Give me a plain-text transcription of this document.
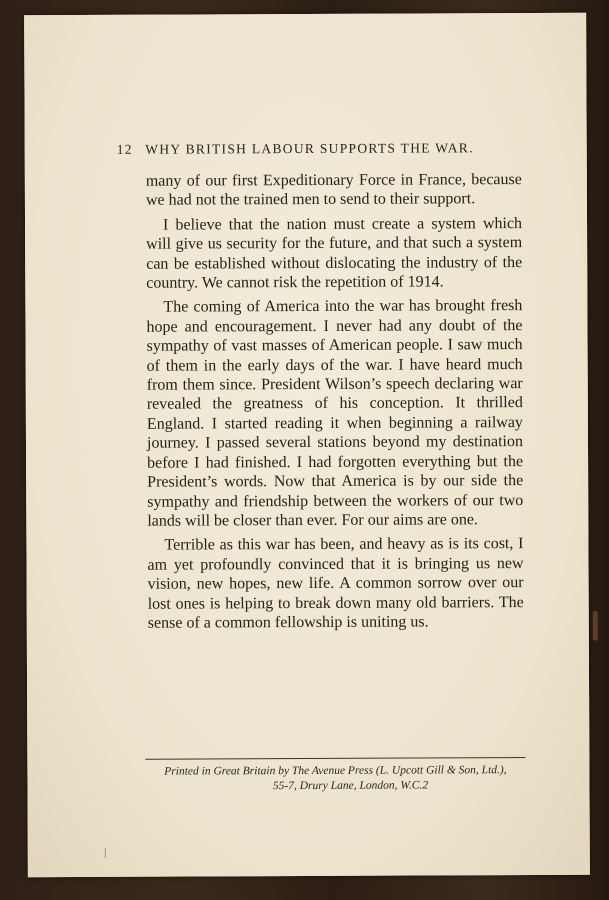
12 WHY BRITISH LABOUR SUPPORTS THE WAR.

many of our first Expeditionary Force in France, because we had not the trained men to send to their support.

I believe that the nation must create a system which will give us security for the future, and that such a system can be established without dislocating the industry of the country. We cannot risk the repetition of 1914.

The coming of America into the war has brought fresh hope and encouragement. I never had any doubt of the sympathy of vast masses of American people. I saw much of them in the early days of the war. I have heard much from them since. President Wilson’s speech declaring war revealed the greatness of his conception. It thrilled England. I started reading it when beginning a railway journey. I passed several stations beyond my destination before I had finished. I had forgotten everything but the President’s words. Now that America is by our side the sympathy and friendship between the workers of our two lands will be closer than ever. For our aims are one.

Terrible as this war has been, and heavy as is its cost, I am yet profoundly convinced that it is bringing us new vision, new hopes, new life. A common sorrow over our lost ones is helping to break down many old barriers. The sense of a common fellowship is uniting us.

Printed in Great Britain by The Avenue Press (L. Upcott Gill & Son, Ltd.),
55-7, Drury Lane, London, W.C.2
